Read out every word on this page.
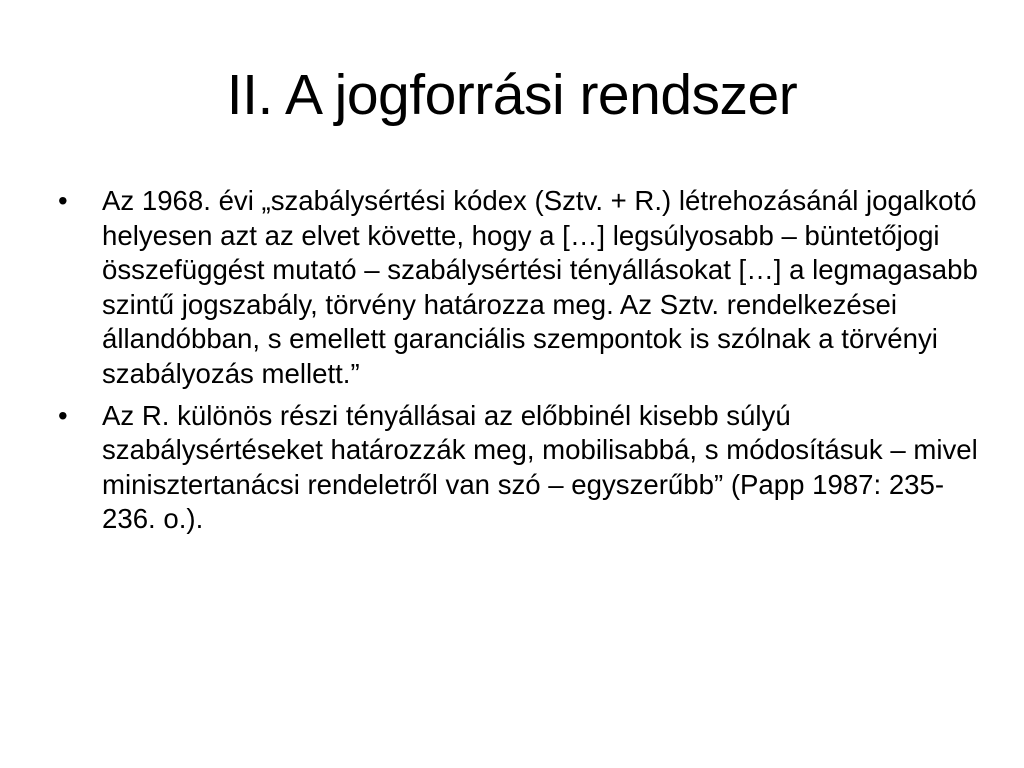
II. A jogforrási rendszer
•	Az 1968. évi „szabálysértési kódex (Sztv. + R.) létrehozásánál jogalkotó helyesen azt az elvet követte, hogy a […] legsúlyosabb – büntetőjogi összefüggést mutató – szabálysértési tényállásokat […] a legmagasabb szintű jogszabály, törvény határozza meg. Az Sztv. rendelkezései állandóbban, s emellett garanciális szempontok is szólnak a törvényi szabályozás mellett.”
•	Az R. különös részi tényállásai az előbbinél kisebb súlyú szabálysértéseket határozzák meg, mobilisabbá, s módosításuk – mivel minisztertanácsi rendeletről van szó – egyszerűbb” (Papp 1987: 235-236. o.).
